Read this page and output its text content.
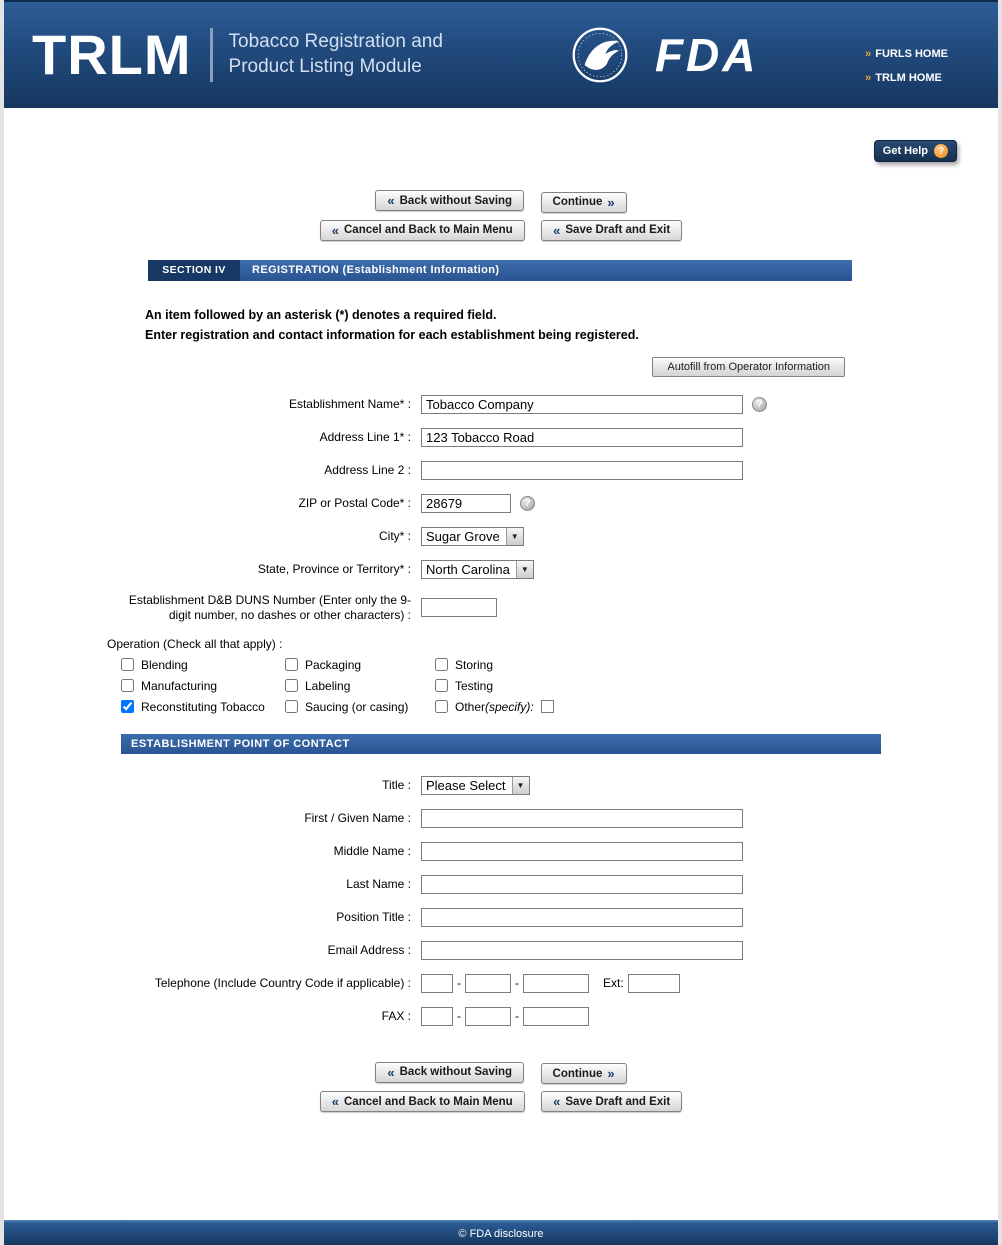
TRLM Tobacco Registration and
Product Listing Module	FDA	» FURLS HOME
» TRLM HOME
Get Help ?
« Back without Saving
	Continue »
« Cancel and Back to Main Menu
	« Save Draft and Exit
SECTION IV	REGISTRATION (Establishment Information)
An item followed by an asterisk (*) denotes a required field.
Enter registration and contact information for each establishment being registered.
Autofill from Operator Information
Establishment Name* :
Tobacco Company	?
Address Line 1* :
123 Tobacco Road
Address Line 2 :
ZIP or Postal Code* :
28679	?
City* :	Sugar Grove	▼
State, Province or Territory* :	North Carolina	▼
Establishment D&B DUNS Number (Enter only the 9-digit number, no dashes or other characters) :
Operation (Check all that apply) :
Blending	Packaging	Storing
Manufacturing	Labeling	Testing
Reconstituting Tobacco	Saucing (or casing)	Other(specify):
ESTABLISHMENT POINT OF CONTACT
Title :	Please Select	▼
First / Given Name :
Middle Name :
Last Name :
Position Title :
Email Address :
Telephone (Include Country Code if applicable) :	-	-	Ext:
FAX :	-	-
« Back without Saving
	Continue »
« Cancel and Back to Main Menu
	« Save Draft and Exit
© FDA disclosure
